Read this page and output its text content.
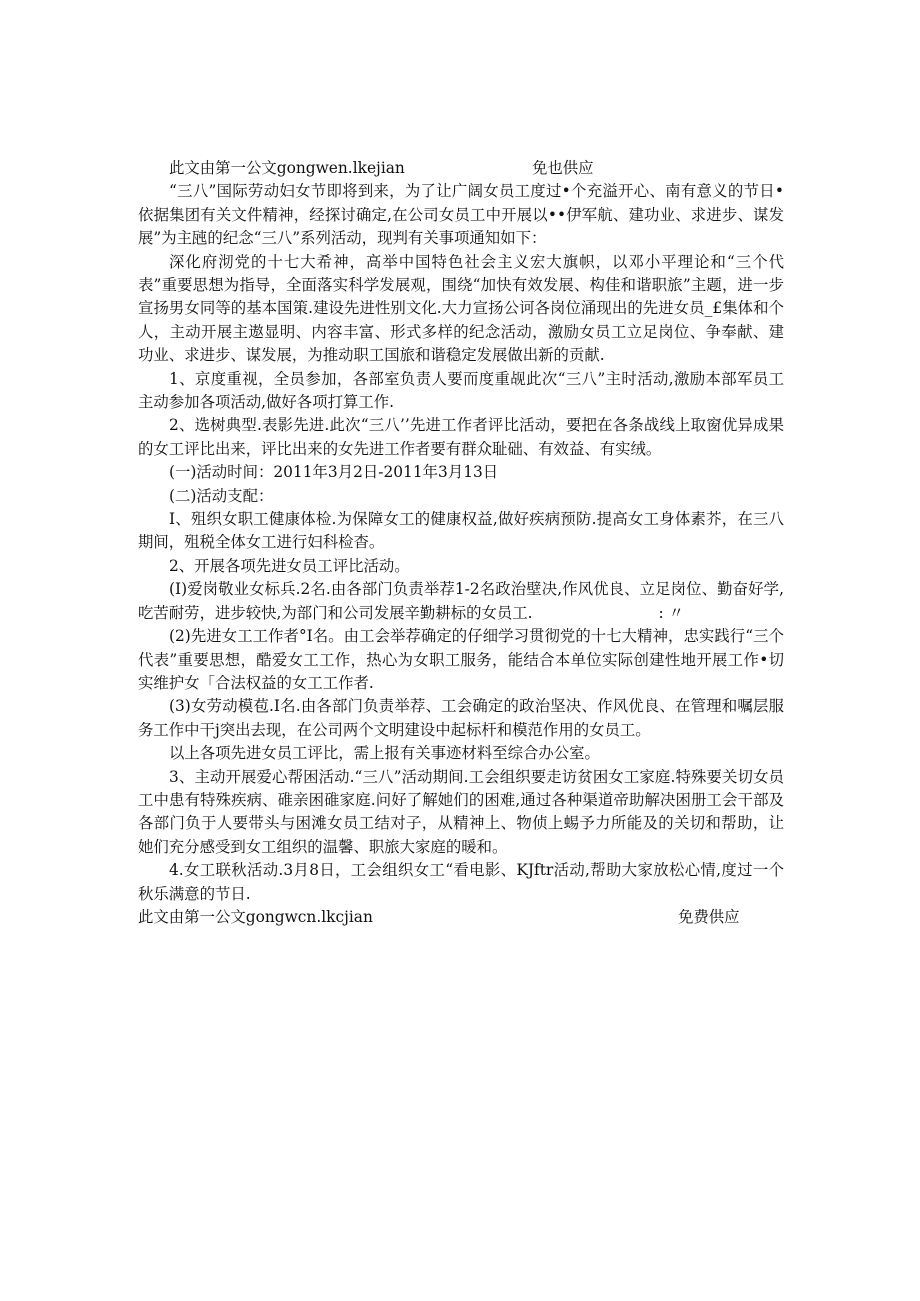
此文由第一公文gongwen.lkejian	免也供应

“三八”国际劳动妇女节即将到来，为了让广阔女员工度过•个充溢开心、南有意义的节日•依据集团有关文件精神，经探讨确定,在公司女员工中开展以••伊军航、建功业、求进步、谋发展”为主瓲的纪念“三八”系列活动，现判有关事项通知如下：

深化府沏党的十七大希神，高举中国特色社会主义宏大旗帜，以邓小平理论和“三个代表”重要思想为指导，全面落实科学发展观，围绕“加快有效发展、构佳和谐职旅”主题，进一步宣扬男女同等的基本国策.建设先进性别文化.大力宣扬公诃各岗位涌现出的先进女员_£集体和个人，主动开展主遨显明、内容丰富、形式多样的纪念活动，激励女员工立足岗位、争奉献、建功业、求进步、谋发展，为推动职工国旅和谐稳定发展做出新的贡献.

1、京度重视，全员参加，各部室负责人要而度重觇此次“三八”主时活动,激励本部军员工主动参加各项活动,做好各项打算工作.

2、选树典型.表影先进.此次“三八’’先进工作者评比活动，要把在各条战线上取窗优异成果的女工评比出来，评比出来的女先进工作者要有群众耻础、有效益、有实绒。

(一)活动时间：2011年3月2日-2011年3月13日

(二)活动支配：

I、殂织女职工健康体检.为保障女工的健康权益,做好疾病预防.提高女工身体素芥，在三八期间，殂税全体女工进行妇科检杳。

2、开展各项先进女员工评比活动。

(I)爱岗敬业女标兵.2名.由各部门负责举荐1-2名政治壁决,作风优良、立足岗位、勤奋好学,吃苦耐劳，进步较快,为部门和公司发展辛勤耕标的女员工.	: 〃

(2)先进女工工作者°I名。由工会举荐确定的仔细学习贯彻党的十七大精神，忠实践行“三个代表”重要思想，酷爱女工工作，热心为女职工服务，能结合本单位实际创建性地开展工作•切实维护女「合法权益的女工工作者.

(3)女劳动模苞.I名.由各部门负责举荐、工会确定的政治坚决、作风优良、在管理和嘱层服务工作中干j突出去现，在公司两个文明建设中起标杆和模范作用的女员工。

以上各项先进女员工评比，需上报有关事迹材料至综合办公室。

3、主动开展爱心帮困活动.“三八”活动期间.工会组织要走访贫困女工家庭.特殊要关切女员工中患有特殊疾病、碓亲困碓家庭.问好了解她们的困难,通过各种渠道帝助解决困册工会干部及各部门负于人要带头与困滩女员工结对子，从精神上、物侦上蜴予力所能及的关切和帮助，让她们充分感受到女工组织的温馨、职旅大家庭的暖和。

4.女工联秋活动.3月8日，工会组织女工“看电影、KJftr活动,帮助大家放松心情,度过一个秋乐满意的节日.

此文由第一公文gongwcn.lkcjian	免费供应
